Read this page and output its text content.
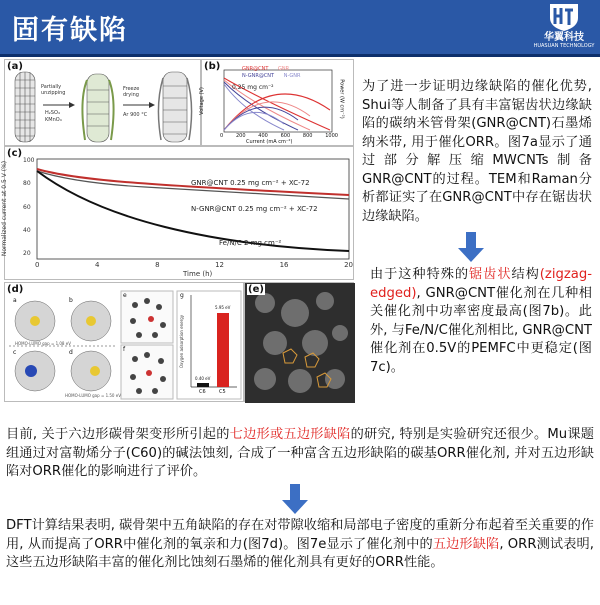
固有缺陷	华翼科技
HUASUAN TECHNOLOGY
(a)
Partially unzipping
H₂SO₄
KMnO₄
Freeze drying
Ar 900 °C
(b)	GNR@CNT GNR
N-GNR@CNT N-GNR
0.25 mg cm⁻²
Voltage (V)	Power (W cm⁻²)
0	200	400	600	800	1000
Current (mA cm⁻²)
(c)
Normalized current at 0.5 V (%) 20
40
60
80
100
0	4	8	12	16	20
Time (h)
GNR@CNT 0.25 mg cm⁻² + XC-72
N-GNR@CNT 0.25 mg cm⁻² + XC-72
Fe/N/C 2 mg cm⁻²
(d)
a	b
c	d
e
f
g
HOMO-LUMO gap = 1.08 eV
HOMO-LUMO gap = 1.50 eV
Oxygen adsorption energy
0.40 eV
5.95 eV
C6	C5
(e)
为了进一步证明边缘缺陷的催化优势, Shui等人制备了具有丰富锯齿状边缘缺陷的碳纳米管骨架(GNR@CNT)石墨烯纳米带, 用于催化ORR。图7a显示了通过部分解压缩MWCNTs制备GNR@CNT的过程。TEM和Raman分析都证实了在GNR@CNT中存在锯齿状边缘缺陷。
由于这种特殊的锯齿状结构(zigzag-edged), GNR@CNT催化剂在几种相关催化剂中功率密度最高(图7b)。此外, 与Fe/N/C催化剂相比, GNR@CNT催化剂在0.5V的PEMFC中更稳定(图7c)。
目前, 关于六边形碳骨架变形所引起的七边形或五边形缺陷的研究, 特别是实验研究还很少。Mu课题组通过对富勒烯分子(C60)的碱法蚀刻, 合成了一种富含五边形缺陷的碳基ORR催化剂, 并对五边形缺陷对ORR催化的影响进行了评价。
DFT计算结果表明, 碳骨架中五角缺陷的存在对带隙收缩和局部电子密度的重新分布起着至关重要的作用, 从而提高了ORR中催化剂的氧亲和力(图7d)。图7e显示了催化剂中的五边形缺陷, ORR测试表明, 这些五边形缺陷丰富的催化剂比蚀刻石墨烯的催化剂具有更好的ORR性能。
